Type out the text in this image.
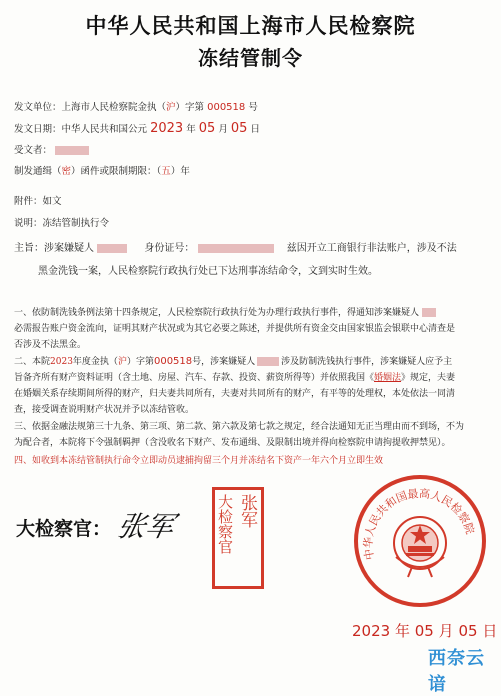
中华人民共和国上海市人民检察院
冻结管制令
发文单位：上海市人民检察院金执（沪）字第 000518 号
发文日期：中华人民共和国公元 2023 年 05 月 05 日
受文者：
制发通缉（密）函件或限制期限：（五）年
附件：如文
说明：冻结管制执行令
主旨：涉案嫌疑人	身份证号：	兹因开立工商银行非法账户，涉及不法
黑金洗钱一案，人民检察院行政执行处已下达刑事冻结命令，文到实时生效。
一、依防制洗钱条例法第十四条规定，人民检察院行政执行处为办理行政执行事件，得通知涉案嫌疑人
必需报告账户资金流向，证明其财产状况或为其它必要之陈述，并提供所有资金交由国家银监会银联中心清查是
否涉及不法黑金。
二、本院2023年度金执（沪）字第000518号，涉案嫌疑人	涉及防制洗钱执行事件，涉案嫌疑人应予主
旨备齐所有财产资料证明（含土地、房屋、汽车、存款、投资、薪资所得等）并依照我国《婚姻法》规定，夫妻
在婚姻关系存续期间所得的财产，归夫妻共同所有，夫妻对共同所有的财产，有平等的处理权，本处依法一同清
查，接受调查说明财产状况并予以冻结管收。
三、依据金融法规第三十九条、第三项、第二款、第六款及第七款之规定，经合法通知无正当理由而不到场，不为
为配合者，本院将下令强制羁押（含没收名下财产、发布通缉、及限制出境并得向检察院申请拘提收押禁见）。
四、如收到本冻结管制执行命令立即动员逮捕拘留三个月并冻结名下资产一年六个月立即生效
大检察官： 张军	大检察官 张军
中华人民共和国最高人民检察院
2023 年 05 月 05 日
西奈云谙
